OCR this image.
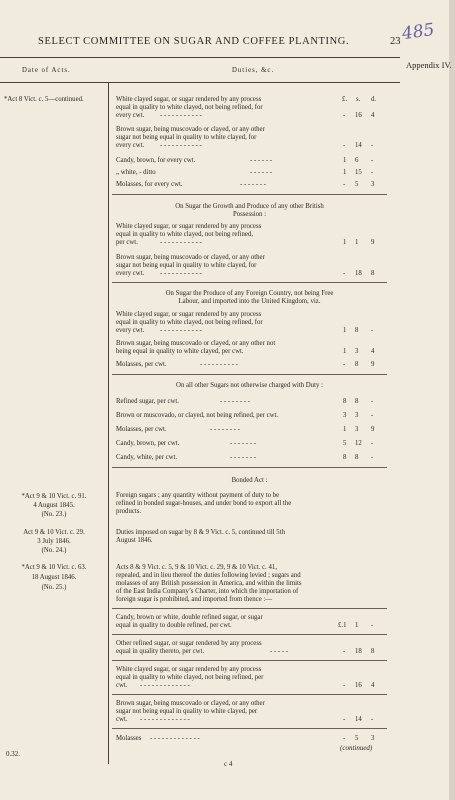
SELECT COMMITTEE ON SUGAR AND COFFEE PLANTING.	23 485
Appendix IV.
Date of Acts.	Duties, &c.
*Act 8 Vict. c. 5—continued.
*Act 9 & 10 Vict. c. 91.
4 August 1845.
(No. 23.)
Act 9 & 10 Vict. c. 29.
3 July 1846.
(No. 24.)
*Act 9 & 10 Vict. c. 63.
18 August 1846.
(No. 25.)
White clayed sugar, or sugar rendered by any process
equal in quality to white clayed, not being refined, for
every cwt.
Brown sugar, being muscovado or clayed, or any other
sugar not being equal in quality to white clayed, for
every cwt.
Candy, brown, for every cwt.
„ white, - ditto
Molasses, for every cwt.
On Sugar the Growth and Produce of any other British
Possession :
White clayed sugar, or sugar rendered by any process
equal in quality to white clayed, not being refined,
per cwt.
Brown sugar, being muscovado or clayed, or any other
sugar not being equal in quality to white clayed, for
every cwt.
On Sugar the Produce of any Foreign Country, not being Free
Labour, and imported into the United Kingdom, viz.
White clayed sugar, or sugar rendered by any process
equal in quality to white clayed, not being refined, for
every cwt.
Brown sugar, being muscovado or clayed, or any other not
being equal in quality to white clayed, per cwt.
Molasses, per cwt.
On all other Sugars not otherwise charged with Duty :
Refined sugar, per cwt.
Brown or muscovado, or clayed, not being refined, per cwt.
Molasses, per cwt.
Candy, brown, per cwt.
Candy, white, per cwt.
Bonded Act :
Foreign sugars ; any quantity without payment of duty to be
refined in bonded sugar-houses, and under bond to export all the
products.
Duties imposed on sugar by 8 & 9 Vict. c. 5, continued till 5th
August 1846.
Acts 8 & 9 Vict. c. 5, 9 & 10 Vict. c. 29, 9 & 10 Vict. c. 41,
repealed, and in lieu thereof the duties following levied ; sugars and
molasses of any British possession in America, and within the limits
of the East India Company’s Charter, into which the importation of
foreign sugar is prohibited, and imported from thence :—
Candy, brown or white, double refined sugar, or sugar
equal in quality to double refined, per cwt.
Other refined sugar, or sugar rendered by any process
equal in quality thereto, per cwt.
White clayed sugar, or sugar rendered by any process
equal in quality to white clayed, not being refined, per
cwt.
Brown sugar, being muscovado or clayed, or any other
sugar not being equal in quality to white clayed, per
cwt.
Molasses
- - - - - - - - - - -
- - - - - - - - - - -
- - - - - -
- - - - - -
- - - - - - -
- - - - - - - - - - -
- - - - - - - - - - -
- - - - - - - - - - -
- - - - - - - - - -
- - - - - - - -
- - - - - - - -
- - - - - - -
- - - - - - -
- - - - -
- - - - - - - - - - - - -
- - - - - - - - - - - - -
- - - - - - - - - - - - -
£. s. d.
- 16 4
- 14 -
1 6 -
1 15 -
- 5 3
1 1 9
- 18 8
1 8 -
1 3 4
- 8 9
8 8 -
3 3 -
1 3 9
5 12 -
8 8 -
£.1 1 -
- 18 8
- 16 4
- 14 -
- 5 3
(continued)
0.32.
c 4
